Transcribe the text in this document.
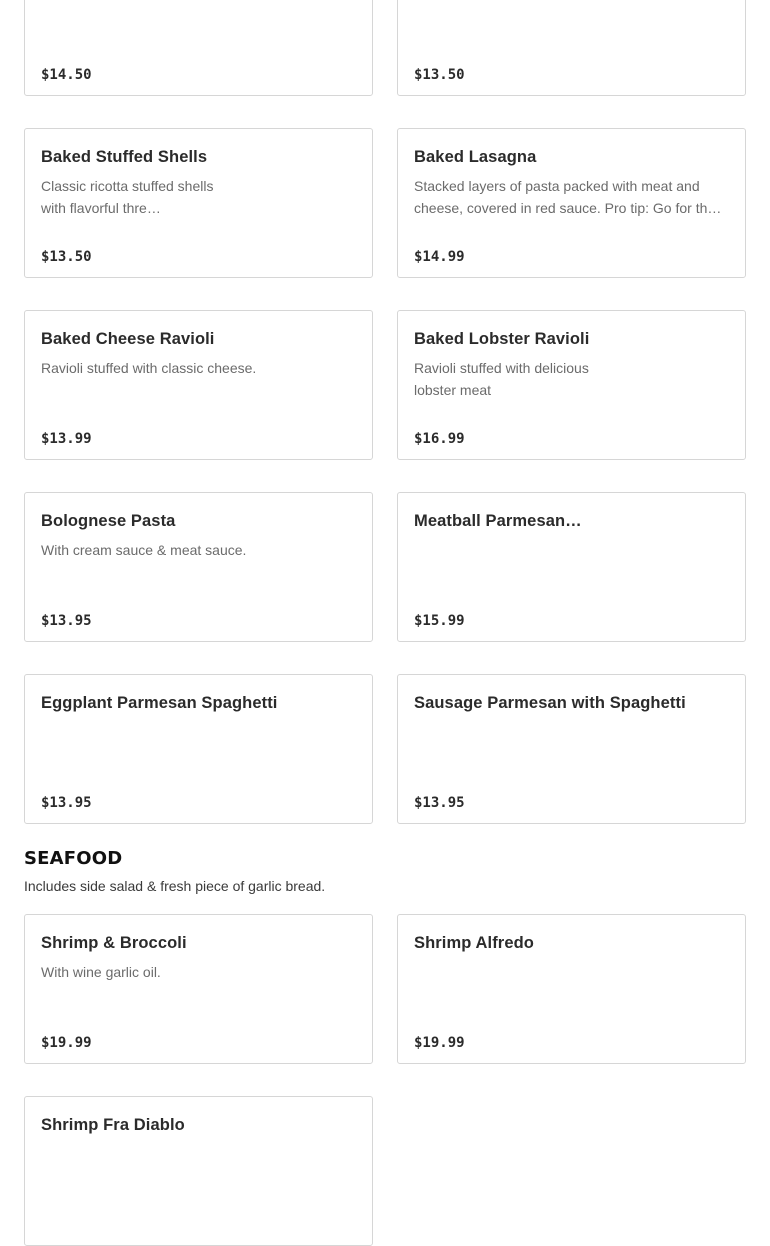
$14.50	$13.50
Baked Stuffed Shells
Classic ricotta stuffed shells with flavorful thre…
$13.50
Baked Lasagna
Stacked layers of pasta packed with meat and cheese, covered in red sauce. Pro tip: Go for th…
$14.99
Baked Cheese Ravioli
Ravioli stuffed with classic cheese.
$13.99
Baked Lobster Ravioli
Ravioli stuffed with delicious lobster meat
$16.99
Bolognese Pasta
With cream sauce & meat sauce.
$13.95
Meatball Parmesan…
$15.99
Eggplant Parmesan Spaghetti
$13.95
Sausage Parmesan with Spaghetti
$13.95
SEAFOOD

Includes side salad & fresh piece of garlic bread.

Shrimp & Broccoli
With wine garlic oil.
$19.99
Shrimp Alfredo
$19.99
Shrimp Fra Diablo
